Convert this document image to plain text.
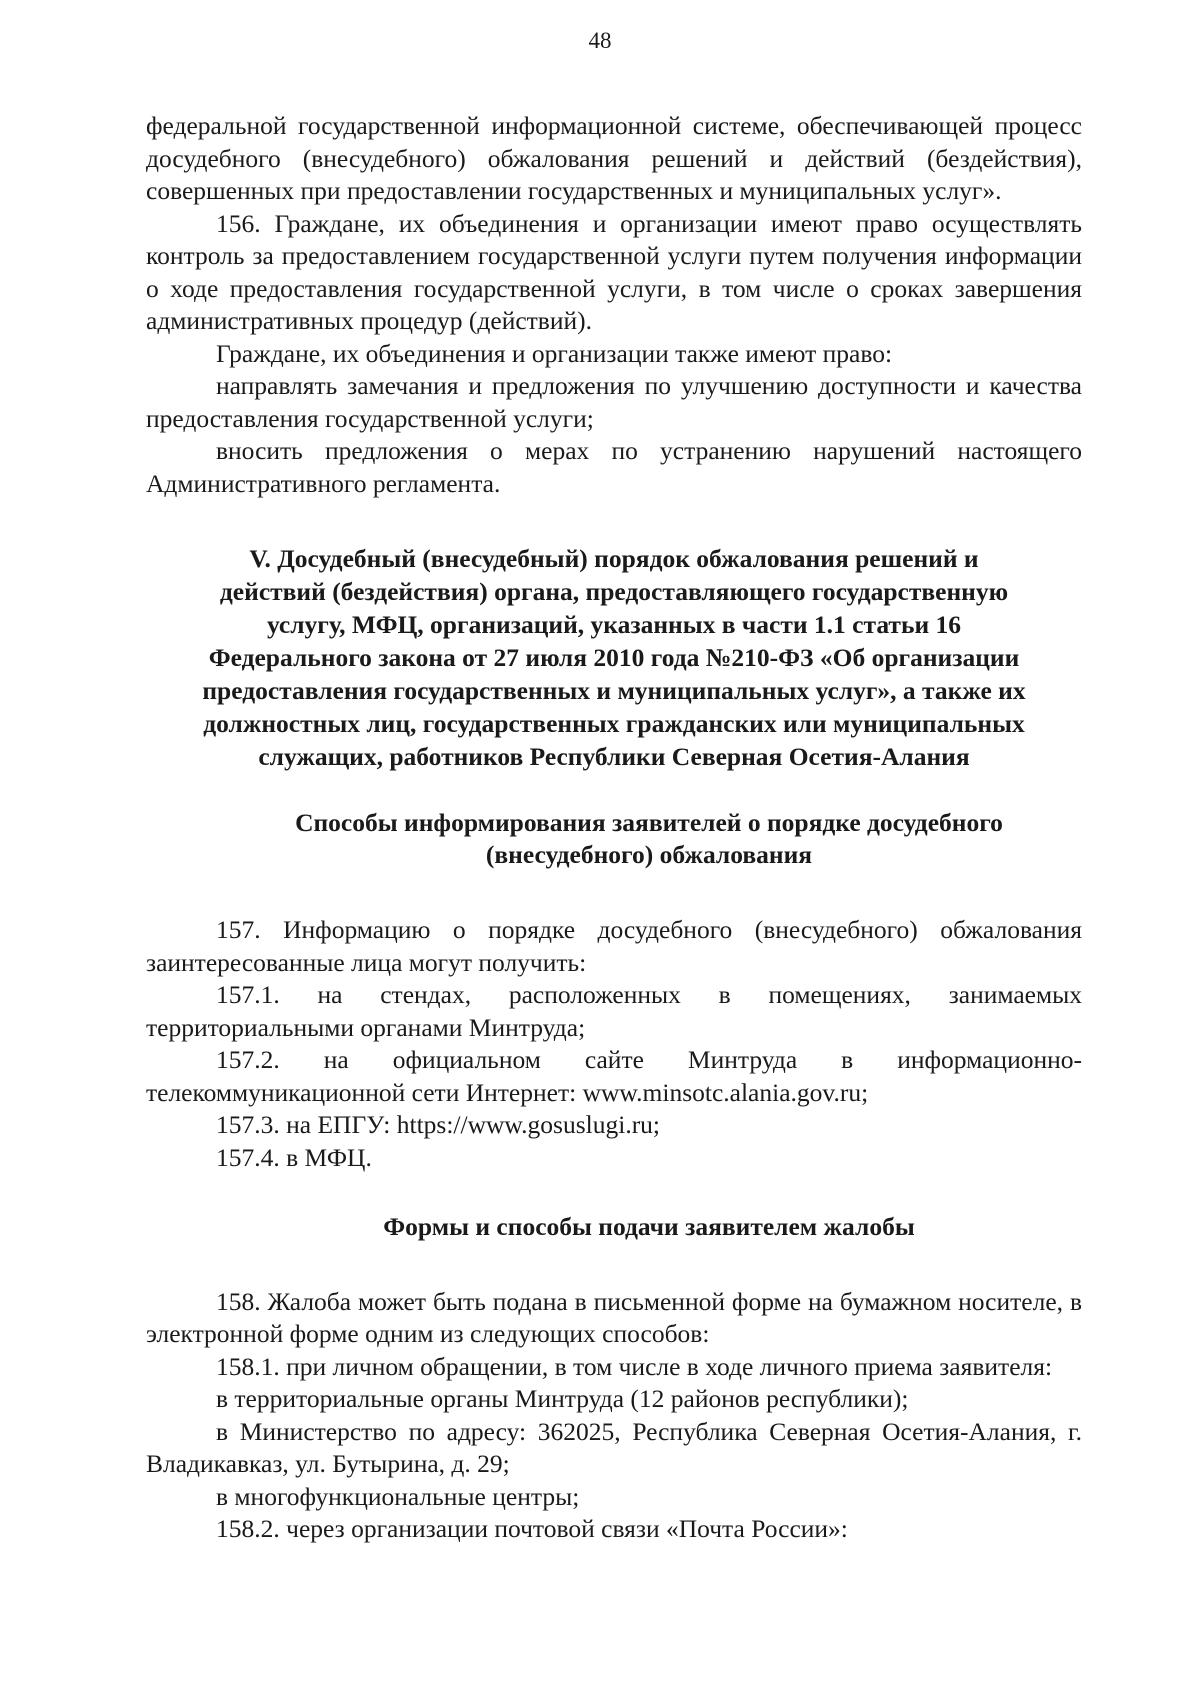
48

федеральной государственной информационной системе, обеспечивающей процесс досудебного (внесудебного) обжалования решений и действий (бездействия), совершенных при предоставлении государственных и муниципальных услуг».

156. Граждане, их объединения и организации имеют право осуществлять контроль за предоставлением государственной услуги путем получения информации о ходе предоставления государственной услуги, в том числе о сроках завершения административных процедур (действий).

Граждане, их объединения и организации также имеют право:

направлять замечания и предложения по улучшению доступности и качества предоставления государственной услуги;

вносить предложения о мерах по устранению нарушений настоящего Административного регламента.

V. Досудебный (внесудебный) порядок обжалования решений и
действий (бездействия) органа, предоставляющего государственную
услугу, МФЦ, организаций, указанных в части 1.1 статьи 16
Федерального закона от 27 июля 2010 года №210-ФЗ «Об организации
предоставления государственных и муниципальных услуг», а также их
должностных лиц, государственных гражданских или муниципальных
служащих, работников Республики Северная Осетия-Алания
Способы информирования заявителей о порядке досудебного
(внесудебного) обжалования

157. Информацию о порядке досудебного (внесудебного) обжалования заинтересованные лица могут получить:

157.1. на стендах, расположенных в помещениях, занимаемых территориальными органами Минтруда;

157.2. на официальном сайте Минтруда в информационно-телекоммуникационной сети Интернет: www.minsotc.alania.gov.ru;

157.3. на ЕПГУ: https://www.gosuslugi.ru;

157.4. в МФЦ.

Формы и способы подачи заявителем жалобы

158. Жалоба может быть подана в письменной форме на бумажном носителе, в электронной форме одним из следующих способов:

158.1. при личном обращении, в том числе в ходе личного приема заявителя:

в территориальные органы Минтруда (12 районов республики);

в Министерство по адресу: 362025, Республика Северная Осетия-Алания, г. Владикавказ, ул. Бутырина, д. 29;

в многофункциональные центры;

158.2. через организации почтовой связи «Почта России»:
